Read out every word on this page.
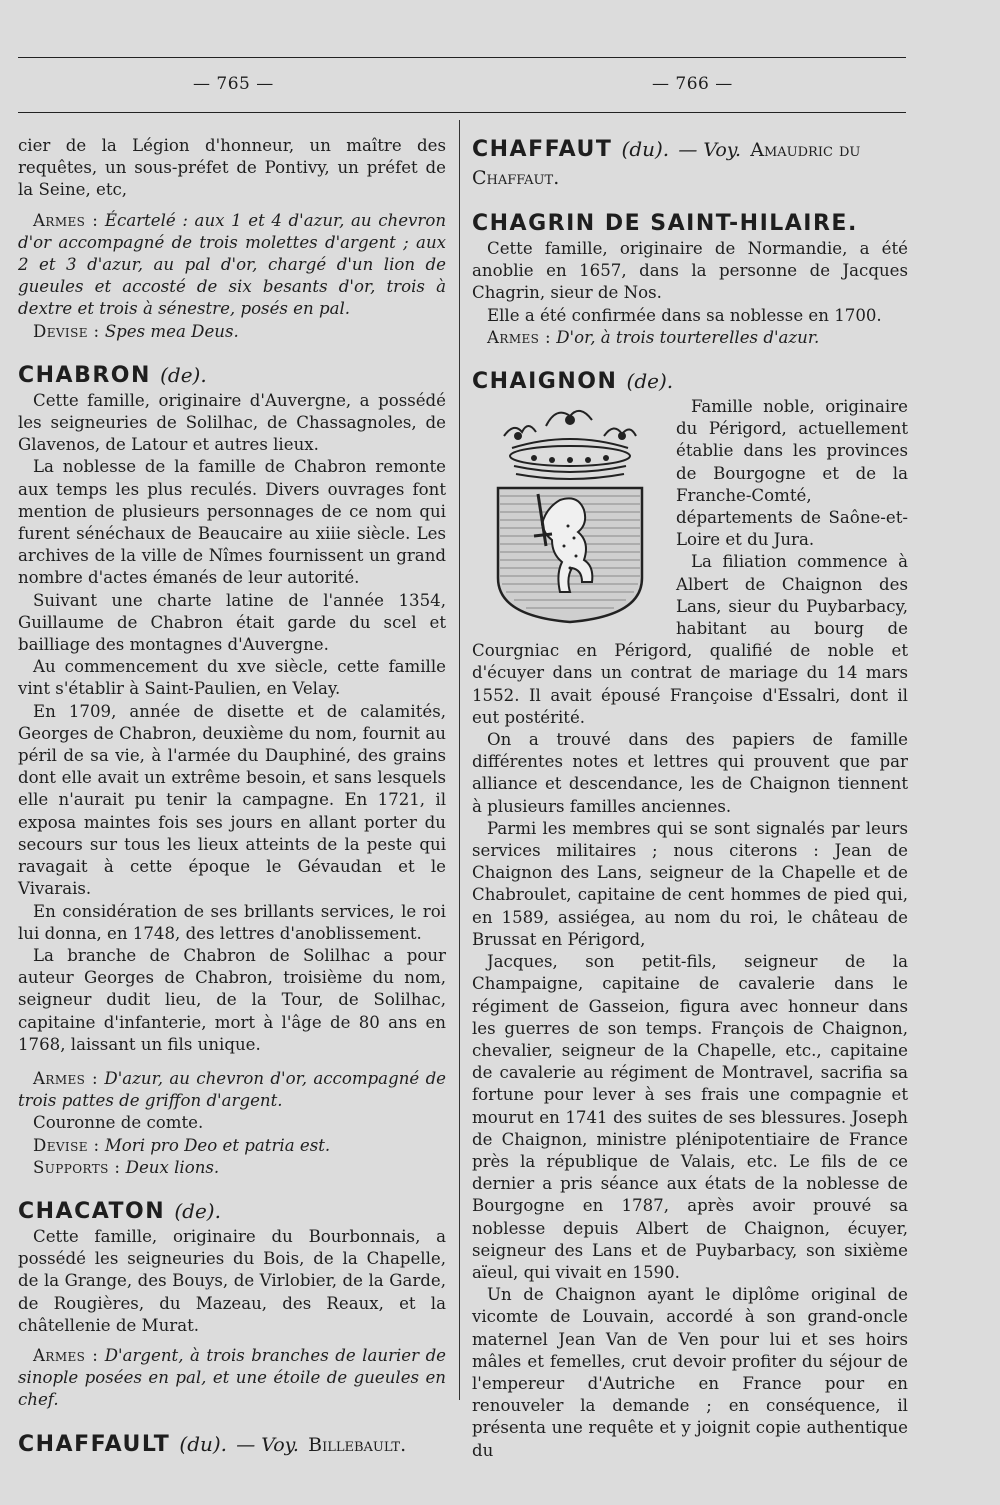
— 765 —	— 766 —

cier de la Légion d'honneur, un maître des requêtes, un sous-préfet de Pontivy, un préfet de la Seine, etc,

Armes : Écartelé : aux 1 et 4 d'azur, au chevron d'or accompagné de trois molettes d'argent ; aux 2 et 3 d'azur, au pal d'or, chargé d'un lion de gueules et accosté de six besants d'or, trois à dextre et trois à sénestre, posés en pal.

Devise : Spes mea Deus.

CHABRON (de).

Cette famille, originaire d'Auvergne, a possédé les seigneuries de Solilhac, de Chassagnoles, de Glavenos, de Latour et autres lieux.

La noblesse de la famille de Chabron remonte aux temps les plus reculés. Divers ouvrages font mention de plusieurs personnages de ce nom qui furent sénéchaux de Beaucaire au xiiie siècle. Les archives de la ville de Nîmes fournissent un grand nombre d'actes émanés de leur autorité.

Suivant une charte latine de l'année 1354, Guillaume de Chabron était garde du scel et bailliage des montagnes d'Auvergne.

Au commencement du xve siècle, cette famille vint s'établir à Saint-Paulien, en Velay.

En 1709, année de disette et de calamités, Georges de Chabron, deuxième du nom, fournit au péril de sa vie, à l'armée du Dauphiné, des grains dont elle avait un extrême besoin, et sans lesquels elle n'aurait pu tenir la campagne. En 1721, il exposa maintes fois ses jours en allant porter du secours sur tous les lieux atteints de la peste qui ravagait à cette époque le Gévaudan et le Vivarais.

En considération de ses brillants services, le roi lui donna, en 1748, des lettres d'anoblissement.

La branche de Chabron de Solilhac a pour auteur Georges de Chabron, troisième du nom, seigneur dudit lieu, de la Tour, de Solilhac, capitaine d'infanterie, mort à l'âge de 80 ans en 1768, laissant un fils unique.

Armes : D'azur, au chevron d'or, accompagné de trois pattes de griffon d'argent.

Couronne de comte.

Devise : Mori pro Deo et patria est.

Supports : Deux lions.

CHACATON (de).

Cette famille, originaire du Bourbonnais, a possédé les seigneuries du Bois, de la Chapelle, de la Grange, des Bouys, de Virlobier, de la Garde, de Rougières, du Mazeau, des Reaux, et la châtellenie de Murat.

Armes : D'argent, à trois branches de laurier de sinople posées en pal, et une étoile de gueules en chef.

CHAFFAULT (du). — Voy. Billebault.
CHAFFAUT (du). — Voy. Amaudric du Chaffaut.
CHAGRIN DE SAINT-HILAIRE.

Cette famille, originaire de Normandie, a été anoblie en 1657, dans la personne de Jacques Chagrin, sieur de Nos.

Elle a été confirmée dans sa noblesse en 1700.

Armes : D'or, à trois tourterelles d'azur.

CHAIGNON (de).

Famille noble, originaire du Périgord, actuellement établie dans les provinces de Bourgogne et de la Franche-Comté, départements de Saône-et-Loire et du Jura.

La filiation commence à Albert de Chaignon des Lans, sieur du Puybarbacy, habitant au bourg de Courgniac en Périgord, qualifié de noble et d'écuyer dans un contrat de mariage du 14 mars 1552. Il avait épousé Françoise d'Essalri, dont il eut postérité.

On a trouvé dans des papiers de famille différentes notes et lettres qui prouvent que par alliance et descendance, les de Chaignon tiennent à plusieurs familles anciennes.

Parmi les membres qui se sont signalés par leurs services militaires ; nous citerons : Jean de Chaignon des Lans, seigneur de la Chapelle et de Chabroulet, capitaine de cent hommes de pied qui, en 1589, assiégea, au nom du roi, le château de Brussat en Périgord,

Jacques, son petit-fils, seigneur de la Champaigne, capitaine de cavalerie dans le régiment de Gasseion, figura avec honneur dans les guerres de son temps. François de Chaignon, chevalier, seigneur de la Chapelle, etc., capitaine de cavalerie au régiment de Montravel, sacrifia sa fortune pour lever à ses frais une compagnie et mourut en 1741 des suites de ses blessures. Joseph de Chaignon, ministre plénipotentiaire de France près la république de Valais, etc. Le fils de ce dernier a pris séance aux états de la noblesse de Bourgogne en 1787, après avoir prouvé sa noblesse depuis Albert de Chaignon, écuyer, seigneur des Lans et de Puybarbacy, son sixième aïeul, qui vivait en 1590.

Un de Chaignon ayant le diplôme original de vicomte de Louvain, accordé à son grand-oncle maternel Jean Van de Ven pour lui et ses hoirs mâles et femelles, crut devoir profiter du séjour de l'empereur d'Autriche en France pour en renouveler la demande ; en conséquence, il présenta une requête et y joignit copie authentique du
